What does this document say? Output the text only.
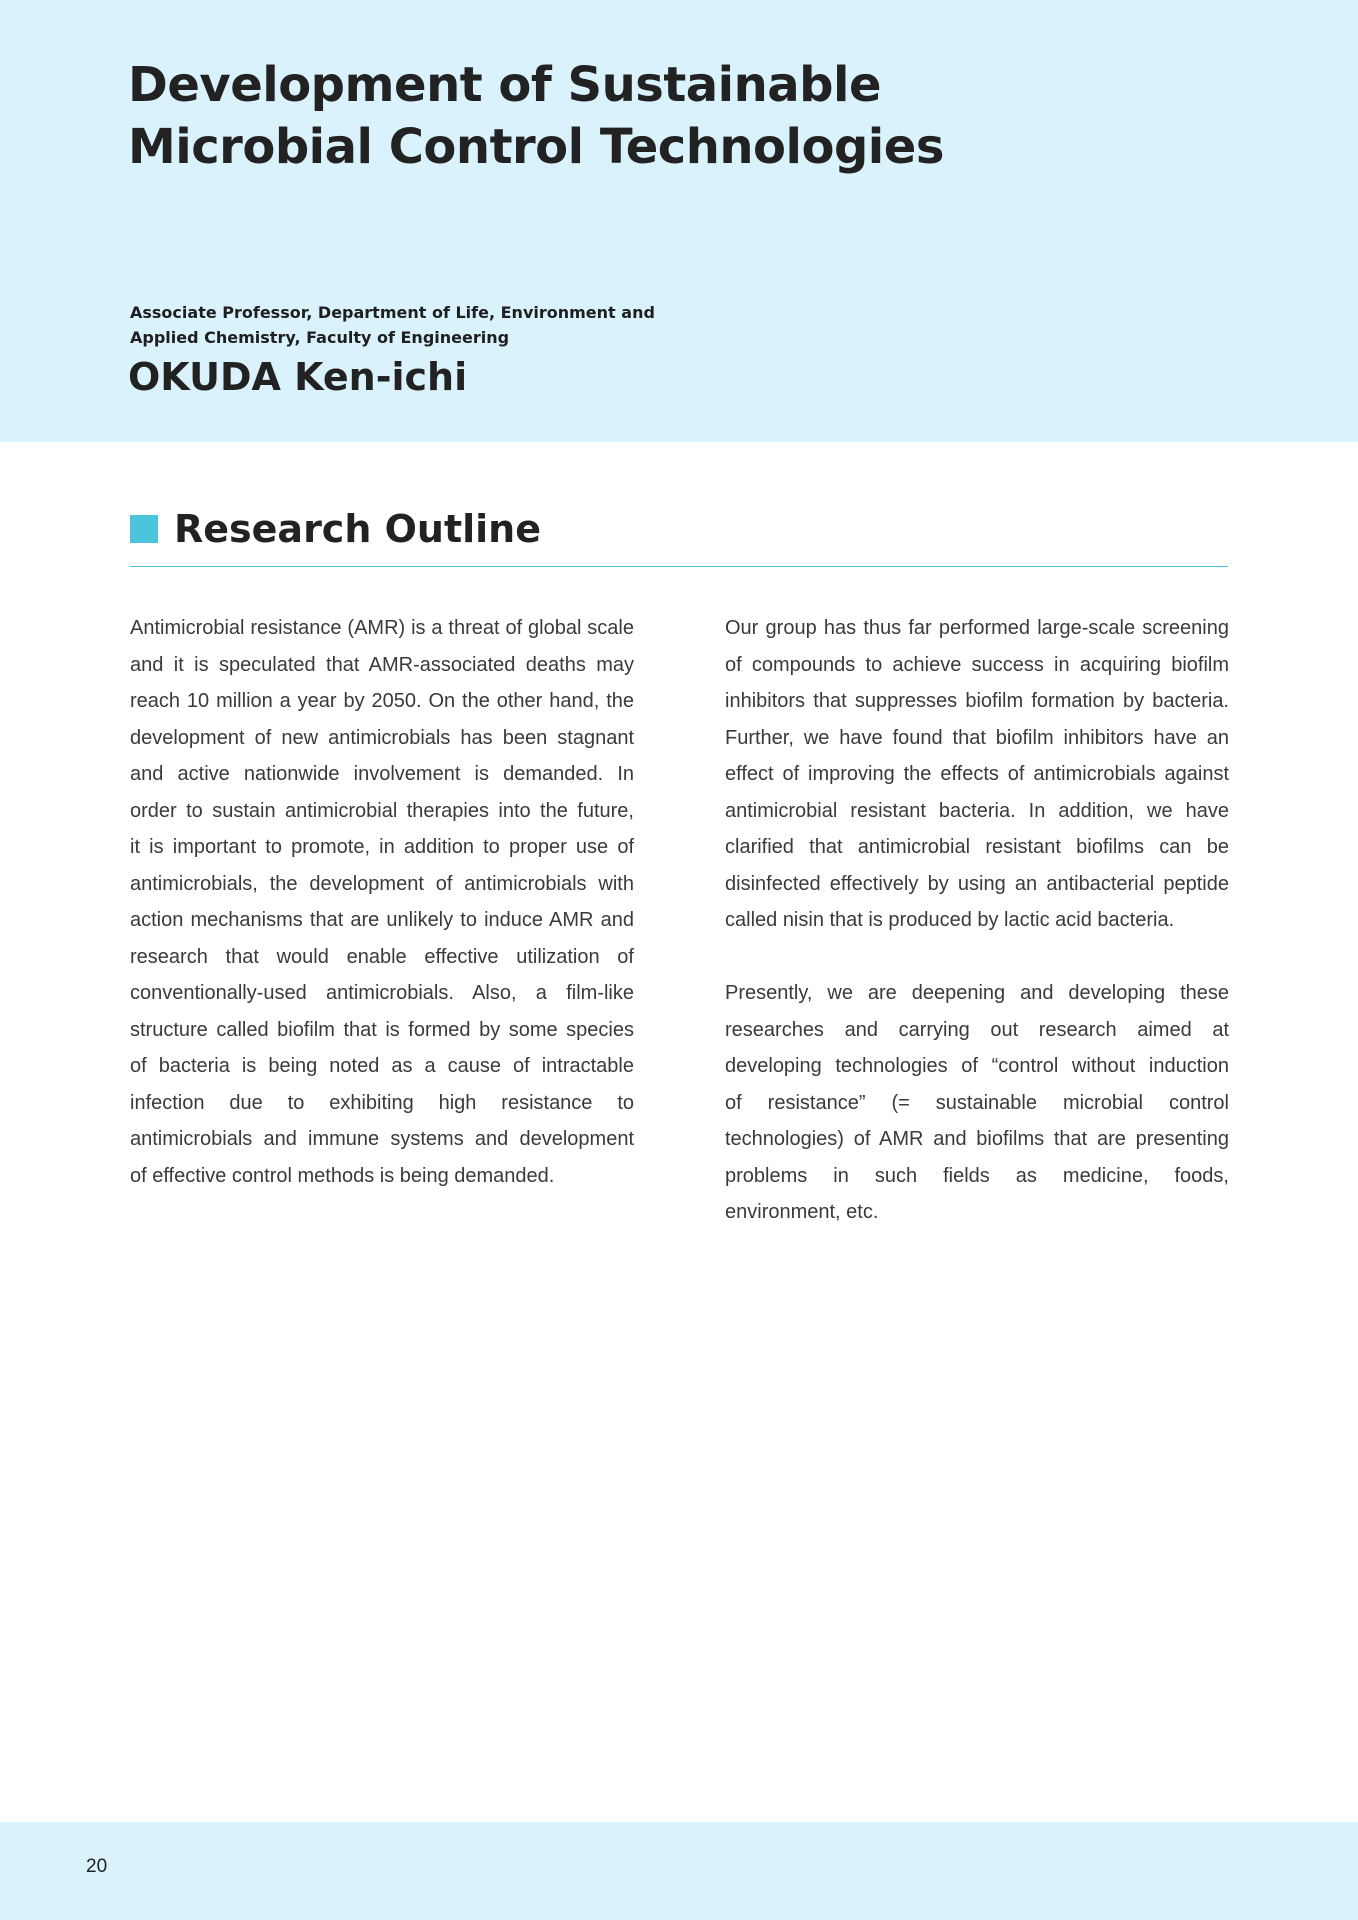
Development of Sustainable
Microbial Control Technologies
Associate Professor, Department of Life, Environment and
Applied Chemistry, Faculty of Engineering
OKUDA Ken-ichi
Research Outline
Antimicrobial resistance (AMR) is a threat of global scale
and it is speculated that AMR-associated deaths may
reach 10 million a year by 2050. On the other hand, the
development of new antimicrobials has been stagnant
and active nationwide involvement is demanded. In
order to sustain antimicrobial therapies into the future,
it is important to promote, in addition to proper use of
antimicrobials, the development of antimicrobials with
action mechanisms that are unlikely to induce AMR and
research that would enable effective utilization of
conventionally-used antimicrobials. Also, a film-like
structure called biofilm that is formed by some species
of bacteria is being noted as a cause of intractable
infection due to exhibiting high resistance to
antimicrobials and immune systems and development
of effective control methods is being demanded.
Our group has thus far performed large-scale screening
of compounds to achieve success in acquiring biofilm
inhibitors that suppresses biofilm formation by bacteria.
Further, we have found that biofilm inhibitors have an
effect of improving the effects of antimicrobials against
antimicrobial resistant bacteria. In addition, we have
clarified that antimicrobial resistant biofilms can be
disinfected effectively by using an antibacterial peptide
called nisin that is produced by lactic acid bacteria.
Presently, we are deepening and developing these
researches and carrying out research aimed at
developing technologies of “control without induction
of resistance” (= sustainable microbial control
technologies) of AMR and biofilms that are presenting
problems in such fields as medicine, foods,
environment, etc.
20
